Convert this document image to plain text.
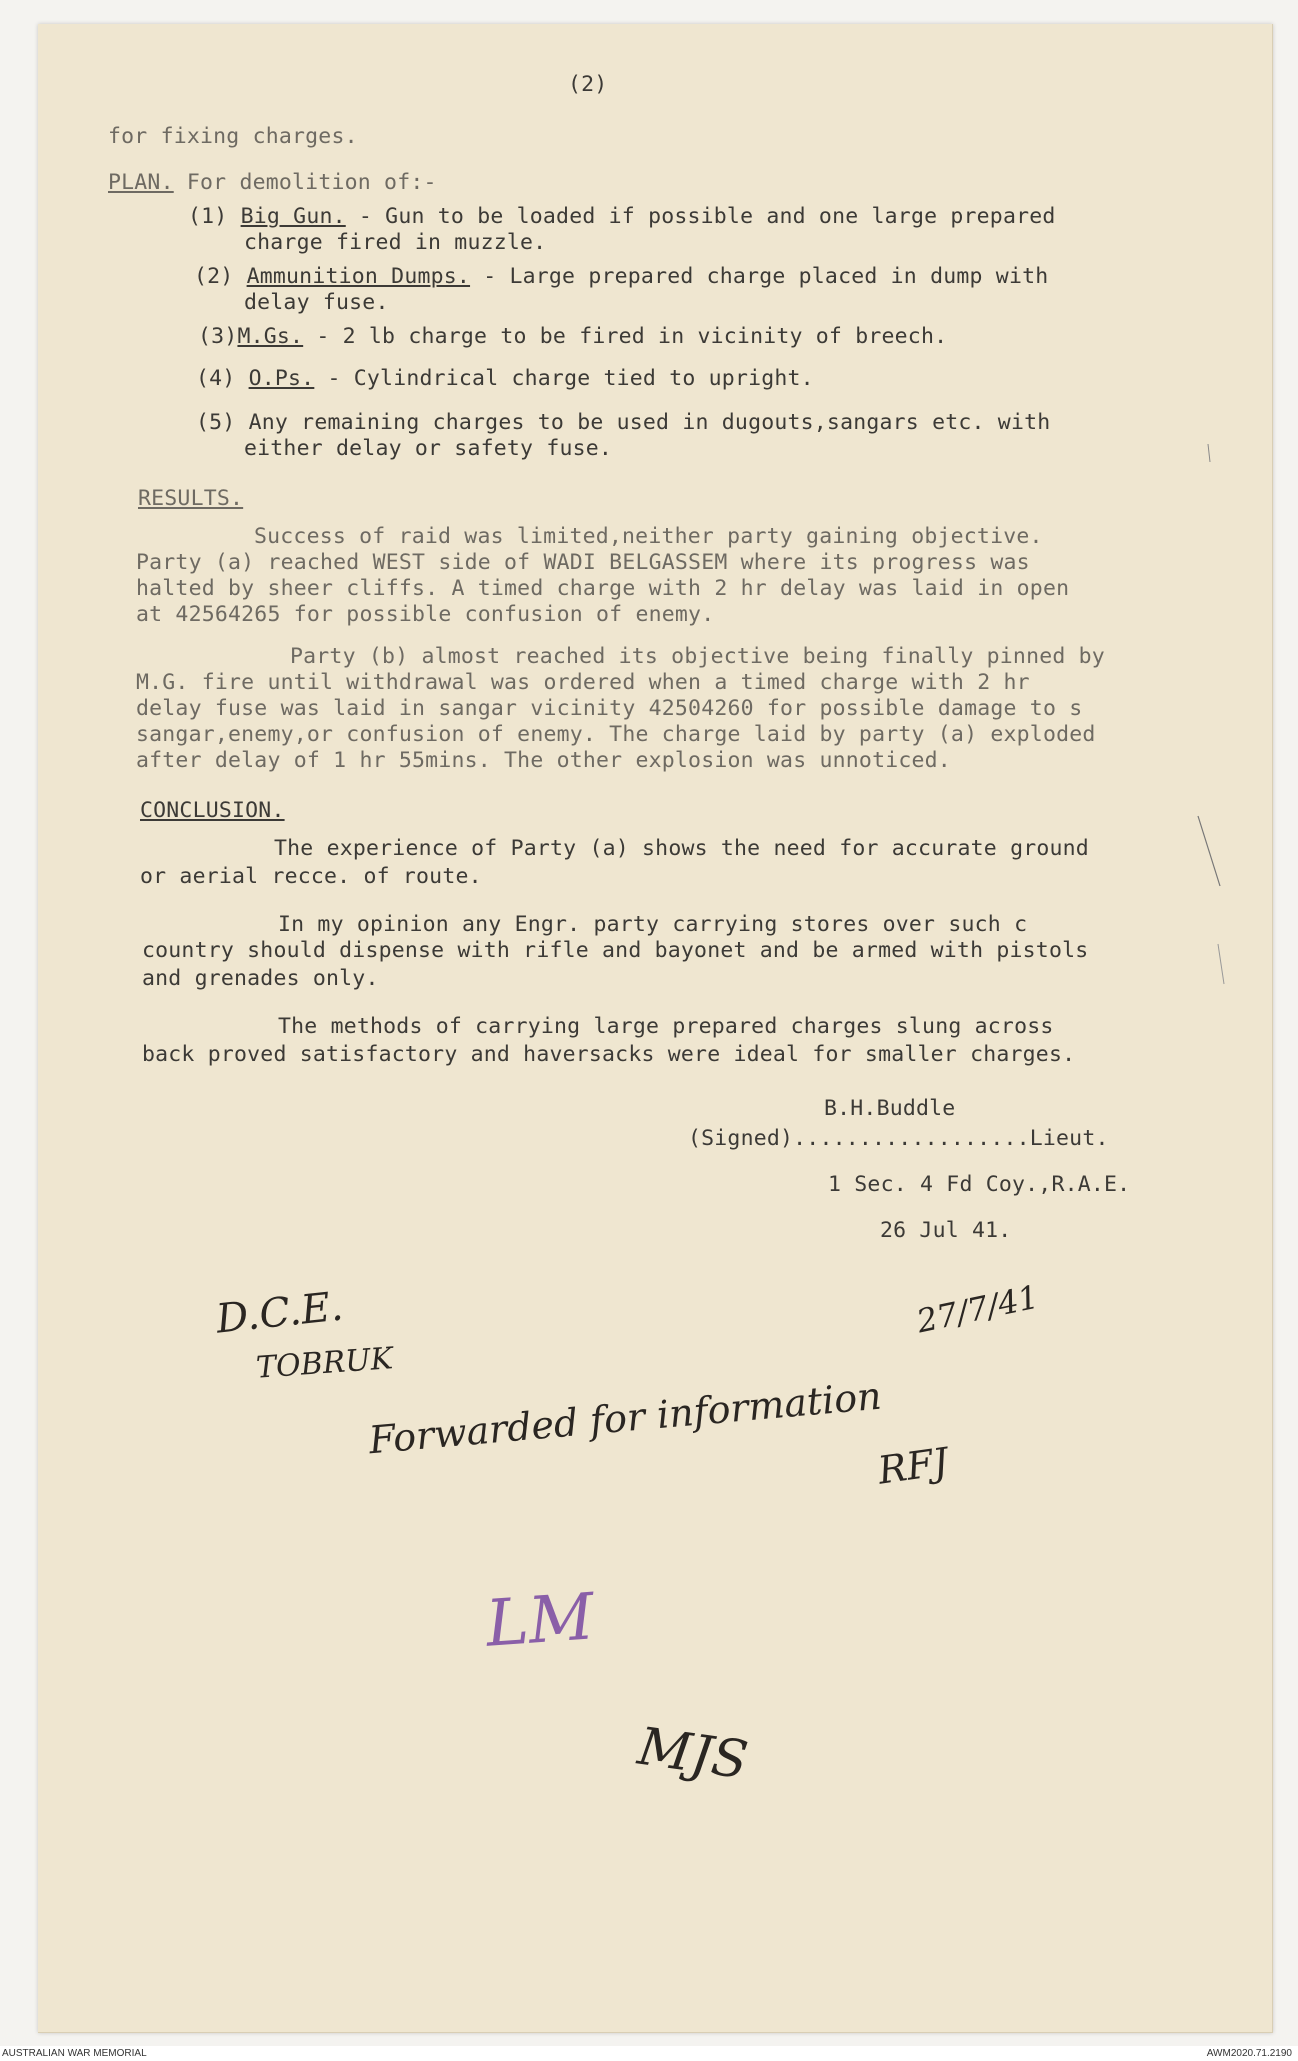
(2)
for fixing charges.
PLAN. For demolition of:-
(1) Big Gun. - Gun to be loaded if possible and one large prepared
charge fired in muzzle.
(2) Ammunition Dumps. - Large prepared charge placed in dump with
delay fuse.
(3)M.Gs. - 2 lb charge to be fired in vicinity of breech.
(4) O.Ps. - Cylindrical charge tied to upright.
(5) Any remaining charges to be used in dugouts,sangars etc. with
either delay or safety fuse.
RESULTS.
Success of raid was limited,neither party gaining objective.
Party (a) reached WEST side of WADI BELGASSEM where its progress was
halted by sheer cliffs. A timed charge with 2 hr delay was laid in open
at 42564265 for possible confusion of enemy.
Party (b) almost reached its objective being finally pinned by
M.G. fire until withdrawal was ordered when a timed charge with 2 hr
delay fuse was laid in sangar vicinity 42504260 for possible damage to s
sangar,enemy,or confusion of enemy. The charge laid by party (a) exploded
after delay of 1 hr 55mins. The other explosion was unnoticed.
CONCLUSION.
The experience of Party (a) shows the need for accurate ground
or aerial recce. of route.
In my opinion any Engr. party carrying stores over such c
country should dispense with rifle and bayonet and be armed with pistols
and grenades only.
The methods of carrying large prepared charges slung across
back proved satisfactory and haversacks were ideal for smaller charges.
B.H.Buddle
(Signed)..................Lieut.
1 Sec. 4 Fd Coy.,R.A.E.
26 Jul 41.
D.C.E.
TOBRUK
Forwarded for information
27/7/41
RFJ
LM
MJS
AUSTRALIAN WAR MEMORIAL	AWM2020.71.2190
